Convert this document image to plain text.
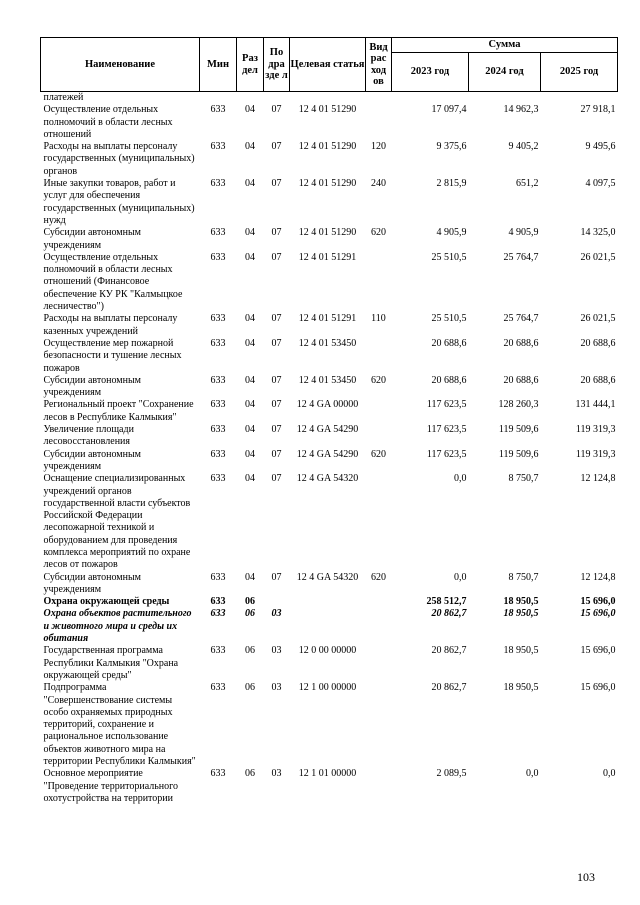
Наименование	Мин	Раз дел	По дра зде л	Целевая статья	Вид рас ход ов	Сумма		
						2023 год	2024 год	2025 год
платежей								
Осуществление отдельных полномочий в области лесных отношений	633	04	07	12 4 01 51290		17 097,4	14 962,3	27 918,1
Расходы на выплаты персоналу государственных (муниципальных) органов	633	04	07	12 4 01 51290	120	9 375,6	9 405,2	9 495,6
Иные закупки товаров, работ и услуг для обеспечения государственных (муниципальных) нужд	633	04	07	12 4 01 51290	240	2 815,9	651,2	4 097,5
Субсидии автономным учреждениям	633	04	07	12 4 01 51290	620	4 905,9	4 905,9	14 325,0
Осуществление отдельных полномочий в области лесных отношений (Финансовое обеспечение КУ РК "Калмыцкое лесничество")	633	04	07	12 4 01 51291		25 510,5	25 764,7	26 021,5
Расходы на выплаты персоналу казенных учреждений	633	04	07	12 4 01 51291	110	25 510,5	25 764,7	26 021,5
Осуществление мер пожарной безопасности и тушение лесных пожаров	633	04	07	12 4 01 53450		20 688,6	20 688,6	20 688,6
Субсидии автономным учреждениям	633	04	07	12 4 01 53450	620	20 688,6	20 688,6	20 688,6
Региональный проект "Сохранение лесов в Республике Калмыкия"	633	04	07	12 4 GA 00000		117 623,5	128 260,3	131 444,1
Увеличение площади лесовосстановления	633	04	07	12 4 GA 54290		117 623,5	119 509,6	119 319,3
Субсидии автономным учреждениям	633	04	07	12 4 GA 54290	620	117 623,5	119 509,6	119 319,3
Оснащение специализированных учреждений органов государственной власти субъектов Российской Федерации лесопожарной техникой и оборудованием для проведения комплекса мероприятий по охране лесов от пожаров	633	04	07	12 4 GA 54320		0,0	8 750,7	12 124,8
Субсидии автономным учреждениям	633	04	07	12 4 GA 54320	620	0,0	8 750,7	12 124,8
Охрана окружающей среды	633	06				258 512,7	18 950,5	15 696,0
Охрана объектов растительного и животного мира и среды их обитания	633	06	03			20 862,7	18 950,5	15 696,0
Государственная программа Республики Калмыкия "Охрана окружающей среды"	633	06	03	12 0 00 00000		20 862,7	18 950,5	15 696,0
Подпрограмма "Совершенствование системы особо охраняемых природных территорий, сохранение и рациональное использование объектов животного мира на территории Республики Калмыкия"	633	06	03	12 1 00 00000		20 862,7	18 950,5	15 696,0
Основное мероприятие "Проведение территориального охотустройства на территории	633	06	03	12 1 01 00000		2 089,5	0,0	0,0
103
